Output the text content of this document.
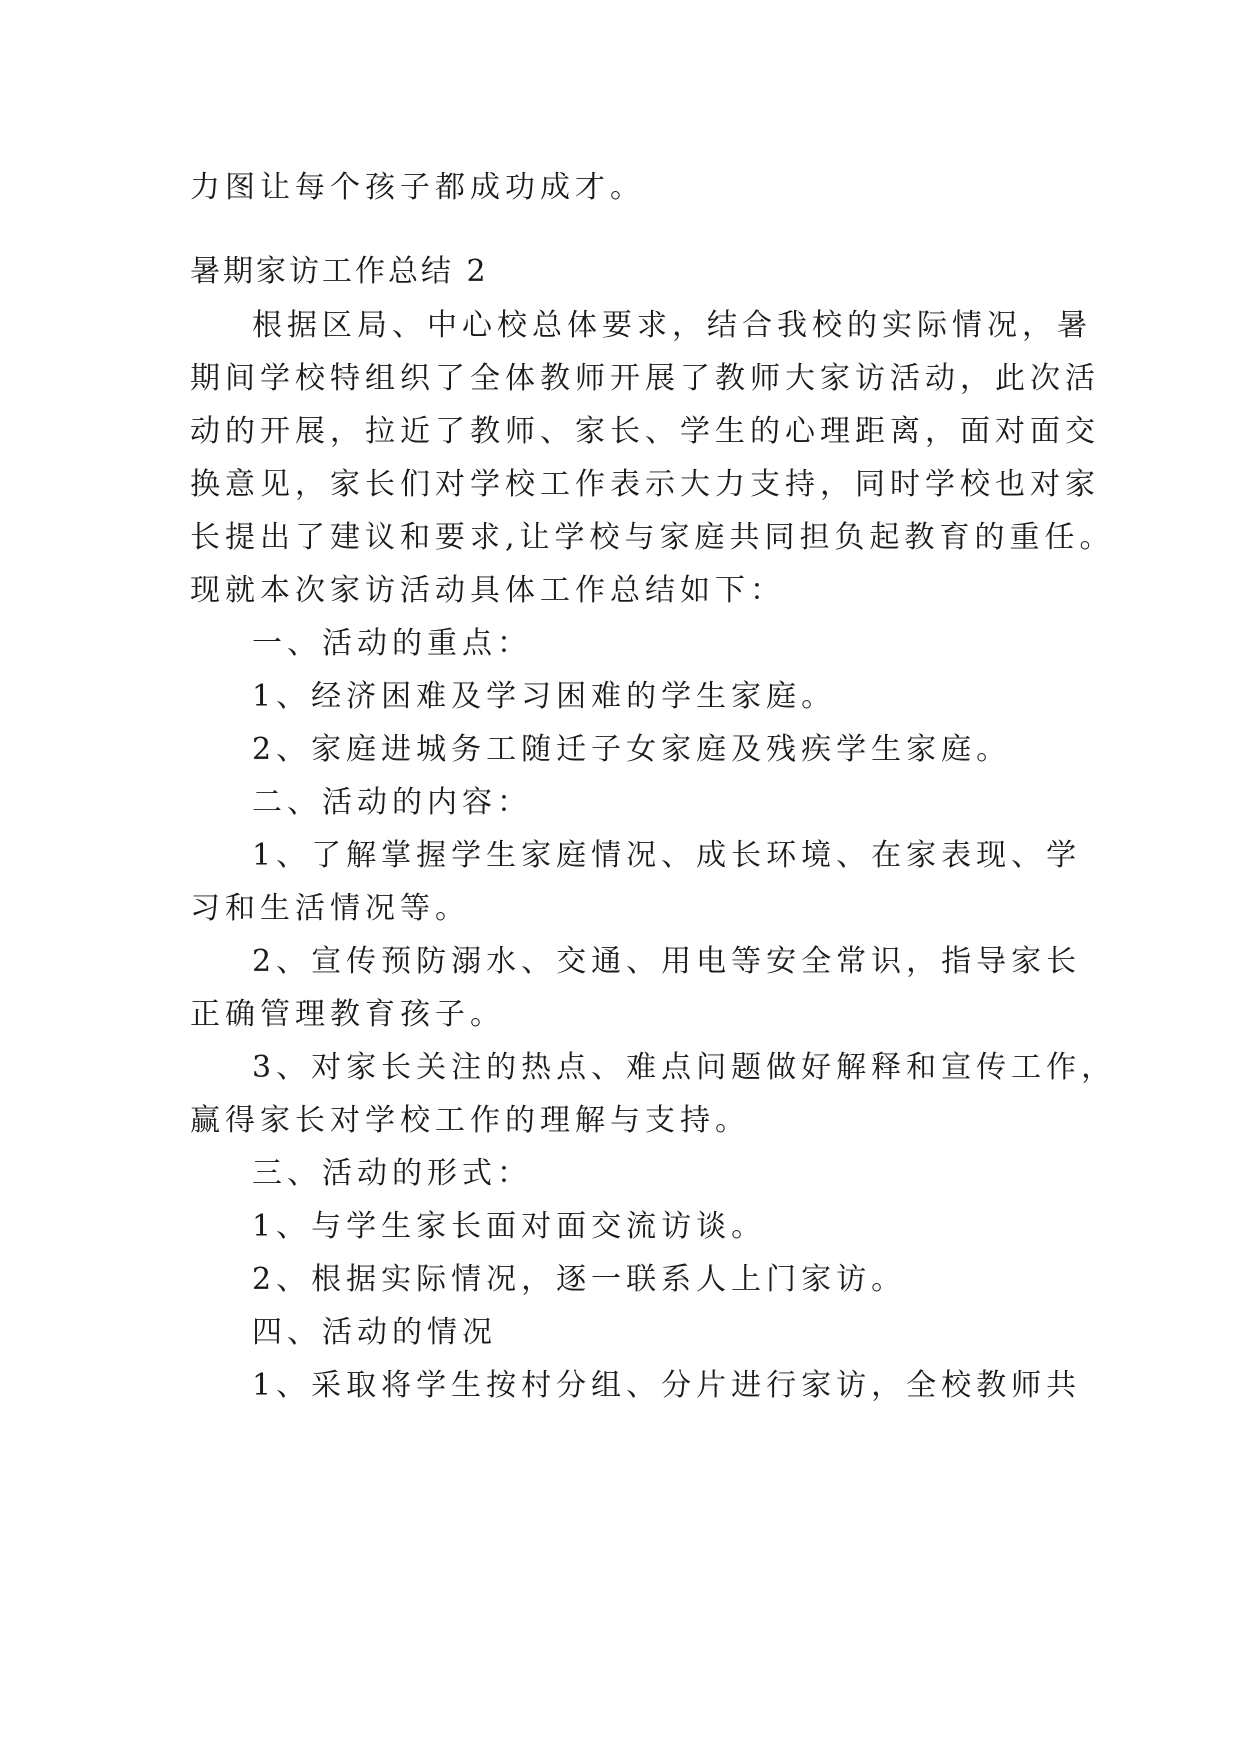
力图让每个孩子都成功成才。
暑期家访工作总结 2
根据区局、中心校总体要求，结合我校的实际情况，暑
期间学校特组织了全体教师开展了教师大家访活动，此次活
动的开展，拉近了教师、家长、学生的心理距离，面对面交
换意见，家长们对学校工作表示大力支持，同时学校也对家
长提出了建议和要求,让学校与家庭共同担负起教育的重任。
现就本次家访活动具体工作总结如下：
一、活动的重点：
1、经济困难及学习困难的学生家庭。
2、家庭进城务工随迁子女家庭及残疾学生家庭。
二、活动的内容：
1、了解掌握学生家庭情况、成长环境、在家表现、学
习和生活情况等。
2、宣传预防溺水、交通、用电等安全常识，指导家长
正确管理教育孩子。
3、对家长关注的热点、难点问题做好解释和宣传工作，
赢得家长对学校工作的理解与支持。
三、活动的形式：
1、与学生家长面对面交流访谈。
2、根据实际情况，逐一联系人上门家访。
四、活动的情况
1、采取将学生按村分组、分片进行家访，全校教师共
